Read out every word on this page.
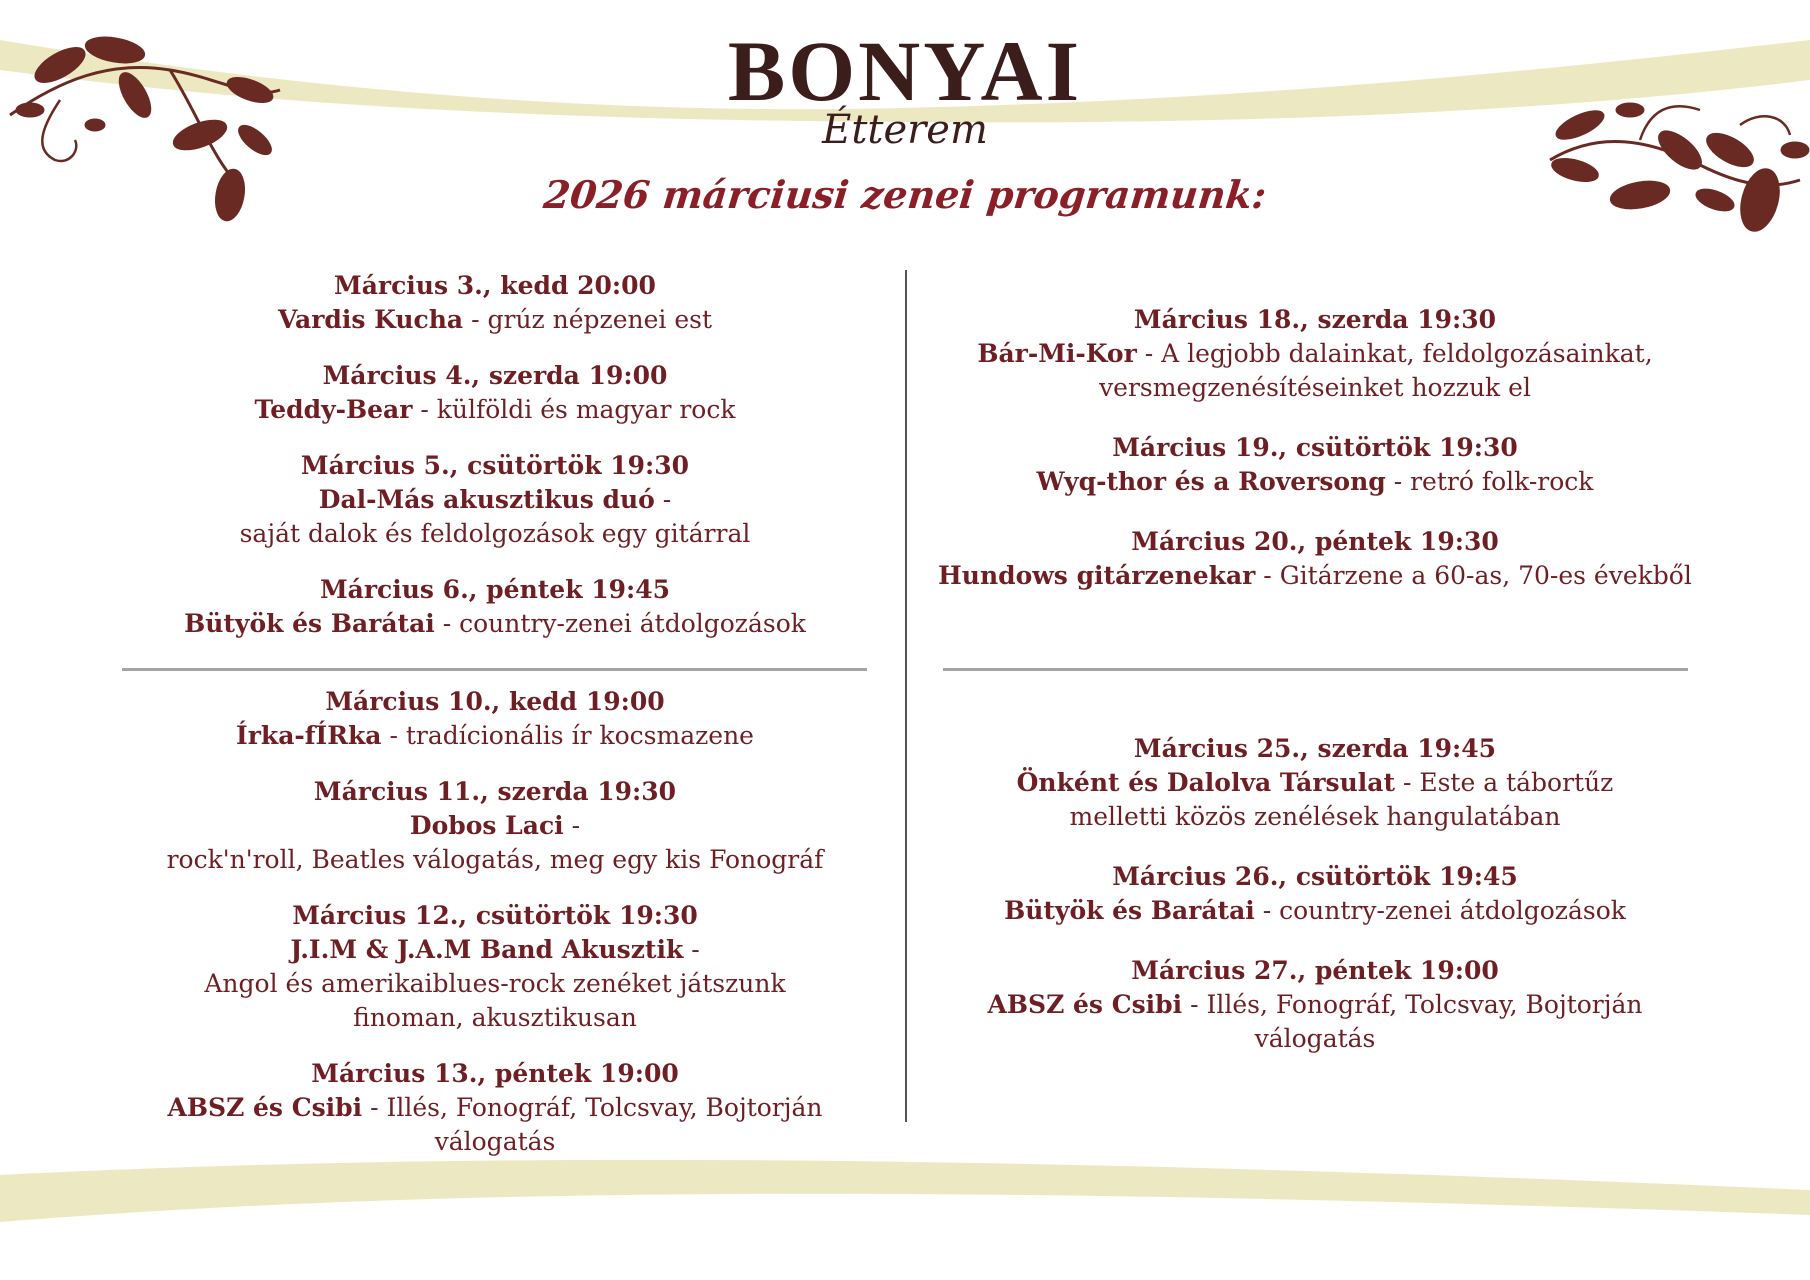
BONYAI
Étterem
2026 márciusi zenei programunk:
Március 3., kedd 20:00
Vardis Kucha - grúz népzenei est
Március 4., szerda 19:00
Teddy-Bear - külföldi és magyar rock
Március 5., csütörtök 19:30
Dal-Más akusztikus duó -
saját dalok és feldolgozások egy gitárral
Március 6., péntek 19:45
Bütyök és Barátai - country-zenei átdolgozások
Március 10., kedd 19:00
Írka-fÍRka - tradícionális ír kocsmazene
Március 11., szerda 19:30
Dobos Laci -
rock'n'roll, Beatles válogatás, meg egy kis Fonográf
Március 12., csütörtök 19:30
J.I.M & J.A.M Band Akusztik -
Angol és amerikaiblues-rock zenéket játszunk finoman, akusztikusan
Március 13., péntek 19:00
ABSZ és Csibi - Illés, Fonográf, Tolcsvay, Bojtorján válogatás
Március 18., szerda 19:30
Bár-Mi-Kor - A legjobb dalainkat, feldolgozásainkat, versmegzenésítéseinket hozzuk el
Március 19., csütörtök 19:30
Wyq-thor és a Roversong - retró folk-rock
Március 20., péntek 19:30
Hundows gitárzenekar - Gitárzene a 60-as, 70-es évekből
Március 25., szerda 19:45
Önként és Dalolva Társulat - Este a tábortűz melletti közös zenélések hangulatában
Március 26., csütörtök 19:45
Bütyök és Barátai - country-zenei átdolgozások
Március 27., péntek 19:00
ABSZ és Csibi - Illés, Fonográf, Tolcsvay, Bojtorján válogatás
